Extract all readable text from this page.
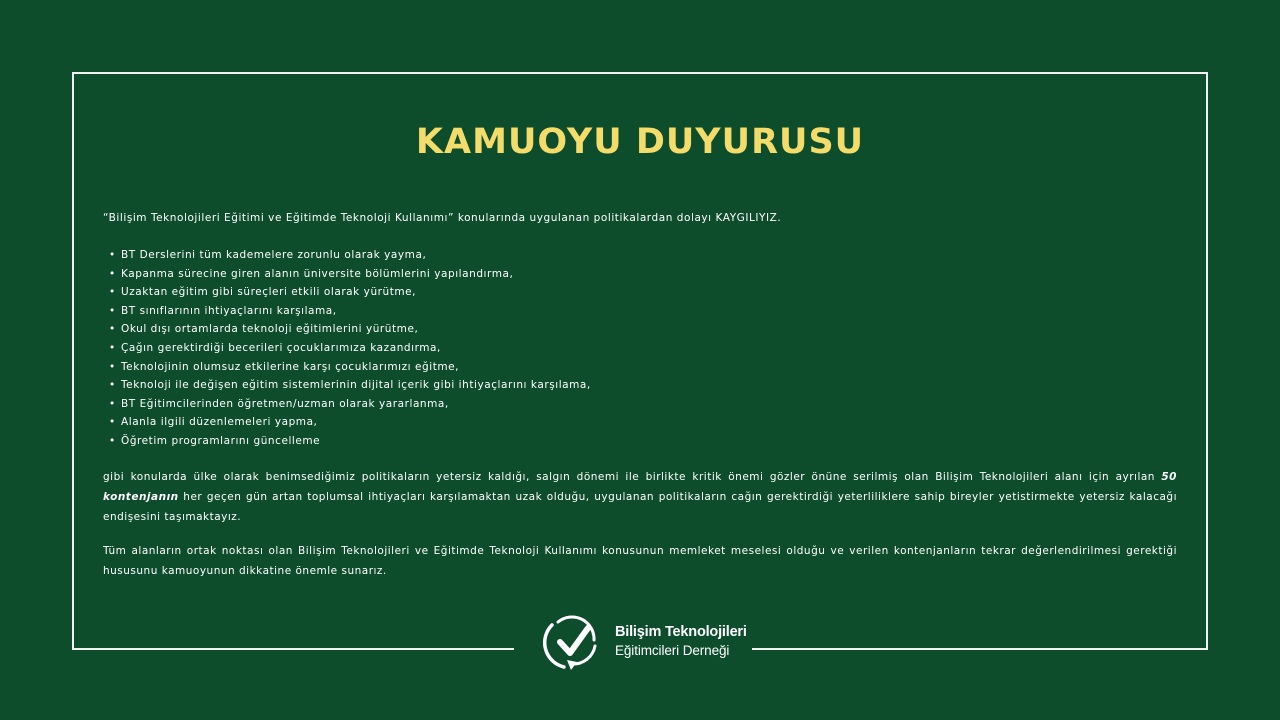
KAMUOYU DUYURUSU

“Bilişim Teknolojileri Eğitimi ve Eğitimde Teknoloji Kullanımı” konularında uygulanan politikalardan dolayı KAYGILIYIZ.

• BT Derslerini tüm kademelere zorunlu olarak yayma,
• Kapanma sürecine giren alanın üniversite bölümlerini yapılandırma,
• Uzaktan eğitim gibi süreçleri etkili olarak yürütme,
• BT sınıflarının ihtiyaçlarını karşılama,
• Okul dışı ortamlarda teknoloji eğitimlerini yürütme,
• Çağın gerektirdiği becerileri çocuklarımıza kazandırma,
• Teknolojinin olumsuz etkilerine karşı çocuklarımızı eğitme,
• Teknoloji ile değişen eğitim sistemlerinin dijital içerik gibi ihtiyaçlarını karşılama,
• BT Eğitimcilerinden öğretmen/uzman olarak yararlanma,
• Alanla ilgili düzenlemeleri yapma,
• Öğretim programlarını güncelleme

gibi konularda ülke olarak benimsediğimiz politikaların yetersiz kaldığı, salgın dönemi ile birlikte kritik önemi gözler önüne serilmiş olan Bilişim Teknolojileri alanı için ayrılan 50 kontenjanın her geçen gün artan toplumsal ihtiyaçları karşılamaktan uzak olduğu, uygulanan politikaların cağın gerektirdiği yeterliliklere sahip bireyler yetistirmekte yetersiz kalacağı endişesini taşımaktayız.

Tüm alanların ortak noktası olan Bilişim Teknolojileri ve Eğitimde Teknoloji Kullanımı konusunun memleket meselesi olduğu ve verilen kontenjanların tekrar değerlendirilmesi gerektiği hususunu kamuoyunun dikkatine önemle sunarız.

Bilişim Teknolojileri
Eğitimcileri Derneği
